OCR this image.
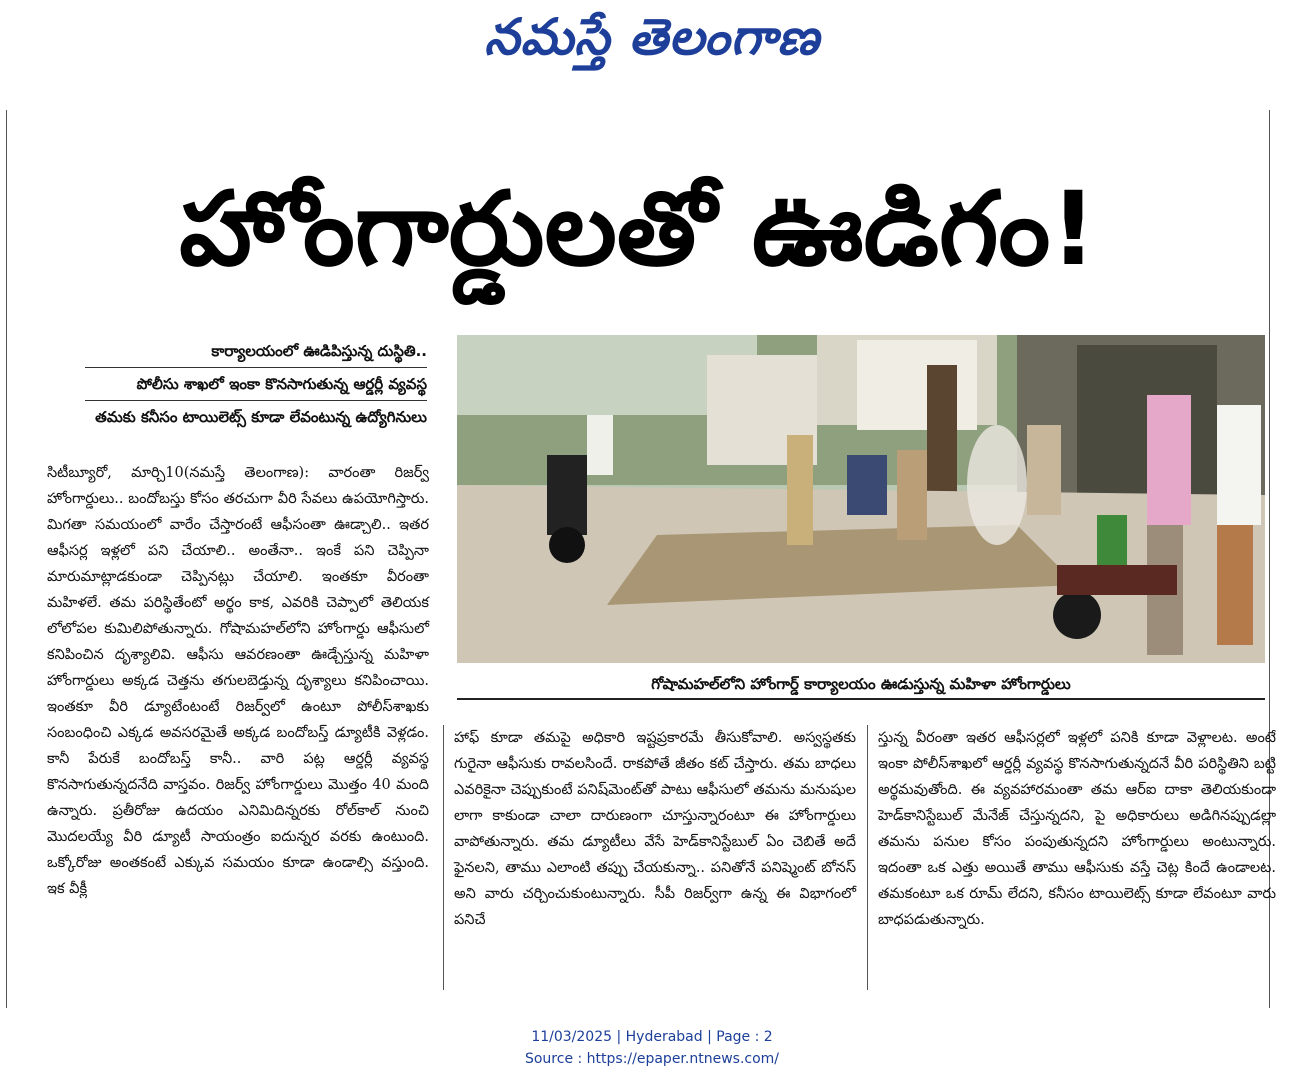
నమస్తే తెలంగాణ
హోంగార్డులతో ఊడిగం!
కార్యాలయంలో ఊడిపిస్తున్న దుస్థితి..
పోలీసు శాఖలో ఇంకా కొనసాగుతున్న ఆర్డర్లీ వ్యవస్థ
తమకు కనీసం టాయిలెట్స్ కూడా లేవంటున్న ఉద్యోగినులు

సిటీబ్యూరో, మార్చి10(నమస్తే తెలంగాణ): వారంతా రిజర్వ్ హోంగార్డులు.. బందోబస్తు కోసం తరచుగా వీరి సేవలు ఉపయోగిస్తారు. మిగతా సమయంలో వారేం చేస్తారంటే ఆఫీసంతా ఊడ్చాలి.. ఇతర ఆఫీసర్ల ఇళ్లలో పని చేయాలి.. అంతేనా.. ఇంకే పని చెప్పినా మారుమాట్లాడకుండా చెప్పినట్లు చేయాలి. ఇంతకూ వీరంతా మహిళలే. తమ పరిస్థితేంటో అర్థం కాక, ఎవరికి చెప్పాలో తెలియక లోలోపల కుమిలిపోతున్నారు. గోషామహల్‌లోని హోంగార్డు ఆఫీసులో కనిపించిన దృశ్యాలివి. ఆఫీసు ఆవరణంతా ఊడ్చేస్తున్న మహిళా హోంగార్డులు అక్కడ చెత్తను తగులబెడ్తున్న దృశ్యాలు కనిపించాయి. ఇంతకూ వీరి డ్యూటేంటంటే రిజర్వ్‌లో ఉంటూ పోలీస్‌శాఖకు సంబంధించి ఎక్కడ అవసరమైతే అక్కడ బందోబస్త్ డ్యూటీకి వెళ్లడం. కానీ పేరుకే బందోబస్త్ కానీ.. వారి పట్ల ఆర్డర్లీ వ్యవస్థ కొనసాగుతున్నదనేది వాస్తవం. రిజర్వ్ హోంగార్డులు మొత్తం 40 మంది ఉన్నారు. ప్రతీరోజు ఉదయం ఎనిమిదిన్నరకు రోల్‌కాల్ నుంచి మొదలయ్యే వీరి డ్యూటీ సాయంత్రం ఐదున్నర వరకు ఉంటుంది. ఒక్కోరోజు అంతకంటే ఎక్కువ సమయం కూడా ఉండాల్సి వస్తుంది. ఇక వీక్లీ

గోషామహల్‌లోని హోంగార్డ్ కార్యాలయం ఊడుస్తున్న మహిళా హోంగార్డులు

హాఫ్ కూడా తమపై అధికారి ఇష్టప్రకారమే తీసుకోవాలి. అస్వస్థతకు గురైనా ఆఫీసుకు రావలసిందే. రాకపోతే జీతం కట్ చేస్తారు. తమ బాధలు ఎవరికైనా చెప్పుకుంటే పనిష్‌మెంట్‌తో పాటు ఆఫీసులో తమను మనుషుల లాగా కాకుండా చాలా దారుణంగా చూస్తున్నారంటూ ఈ హోంగార్డులు వాపోతున్నారు. తమ డ్యూటీలు వేసే హెడ్‌కానిస్టేబుల్ ఏం చెబితే అదే ఫైనలని, తాము ఎలాంటి తప్పు చేయకున్నా.. పనితోనే పనిష్మెంట్ బోనస్ అని వారు చర్చించుకుంటున్నారు. సీపీ రిజర్వ్‌గా ఉన్న ఈ విభాగంలో పనిచే

స్తున్న వీరంతా ఇతర ఆఫీసర్లలో ఇళ్లలో పనికి కూడా వెళ్లాలట. అంటే ఇంకా పోలీస్‌శాఖలో ఆర్డర్లీ వ్యవస్థ కొనసాగుతున్నదనే వీరి పరిస్థితిని బట్టి అర్థమవుతోంది. ఈ వ్యవహారమంతా తమ ఆర్‌ఐ దాకా తెలియకుండా హెడ్‌కానిస్టేబుల్ మేనేజ్ చేస్తున్నదని, పై అధికారులు అడిగినప్పుడల్లా తమను పనుల కోసం పంపుతున్నదని హోంగార్డులు అంటున్నారు. ఇదంతా ఒక ఎత్తు అయితే తాము ఆఫీసుకు వస్తే చెట్ల కిందే ఉండాలట. తమకంటూ ఒక రూమ్ లేదని, కనీసం టాయిలెట్స్ కూడా లేవంటూ వారు బాధపడుతున్నారు.

11/03/2025 | Hyderabad | Page : 2
Source : https://epaper.ntnews.com/
